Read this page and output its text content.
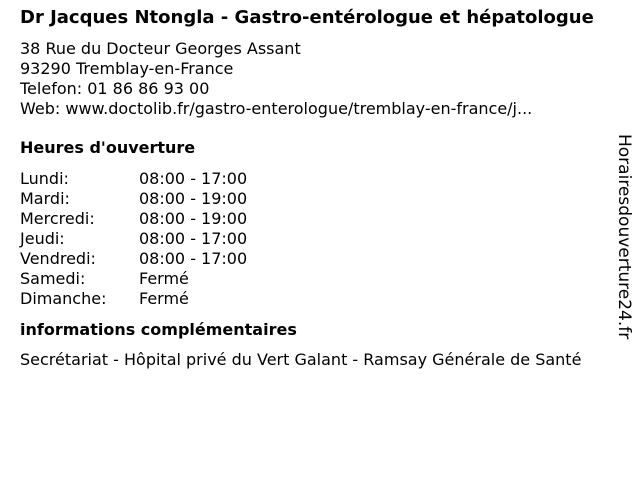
Dr Jacques Ntongla - Gastro-entérologue et hépatologue
38 Rue du Docteur Georges Assant
93290 Tremblay-en-France
Telefon: 01 86 86 93 00
Web: www.doctolib.fr/gastro-enterologue/tremblay-en-france/j...
Heures d'ouverture
Lundi:	08:00 - 17:00
Mardi:	08:00 - 19:00
Mercredi:	08:00 - 19:00
Jeudi:	08:00 - 17:00
Vendredi:	08:00 - 17:00
Samedi:	Fermé
Dimanche:	Fermé
informations complémentaires
Secrétariat - Hôpital privé du Vert Galant - Ramsay Générale de Santé
Horairesdouverture24.fr
